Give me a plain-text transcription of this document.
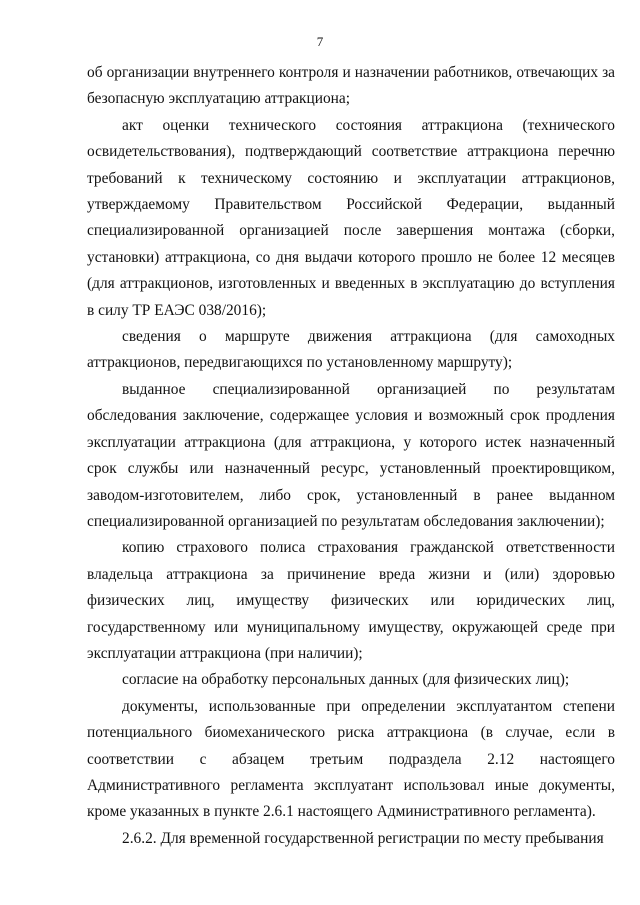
7

об организации внутреннего контроля и назначении работников, отвечающих за безопасную эксплуатацию аттракциона;

акт оценки технического состояния аттракциона (технического освидетельствования), подтверждающий соответствие аттракциона перечню требований к техническому состоянию и эксплуатации аттракционов, утверждаемому Правительством Российской Федерации, выданный специализированной организацией после завершения монтажа (сборки, установки) аттракциона, со дня выдачи которого прошло не более 12 месяцев (для аттракционов, изготовленных и введенных в эксплуатацию до вступления в силу ТР ЕАЭС 038/2016);

сведения о маршруте движения аттракциона (для самоходных аттракционов, передвигающихся по установленному маршруту);

выданное специализированной организацией по результатам обследования заключение, содержащее условия и возможный срок продления эксплуатации аттракциона (для аттракциона, у которого истек назначенный срок службы или назначенный ресурс, установленный проектировщиком, заводом-изготовителем, либо срок, установленный в ранее выданном специализированной организацией по результатам обследования заключении);

копию страхового полиса страхования гражданской ответственности владельца аттракциона за причинение вреда жизни и (или) здоровью физических лиц, имуществу физических или юридических лиц, государственному или муниципальному имуществу, окружающей среде при эксплуатации аттракциона (при наличии);

согласие на обработку персональных данных (для физических лиц);

документы, использованные при определении эксплуатантом степени потенциального биомеханического риска аттракциона (в случае, если в соответствии с абзацем третьим подраздела 2.12 настоящего Административного регламента эксплуатант использовал иные документы, кроме указанных в пункте 2.6.1 настоящего Административного регламента).

2.6.2. Для временной государственной регистрации по месту пребывания
